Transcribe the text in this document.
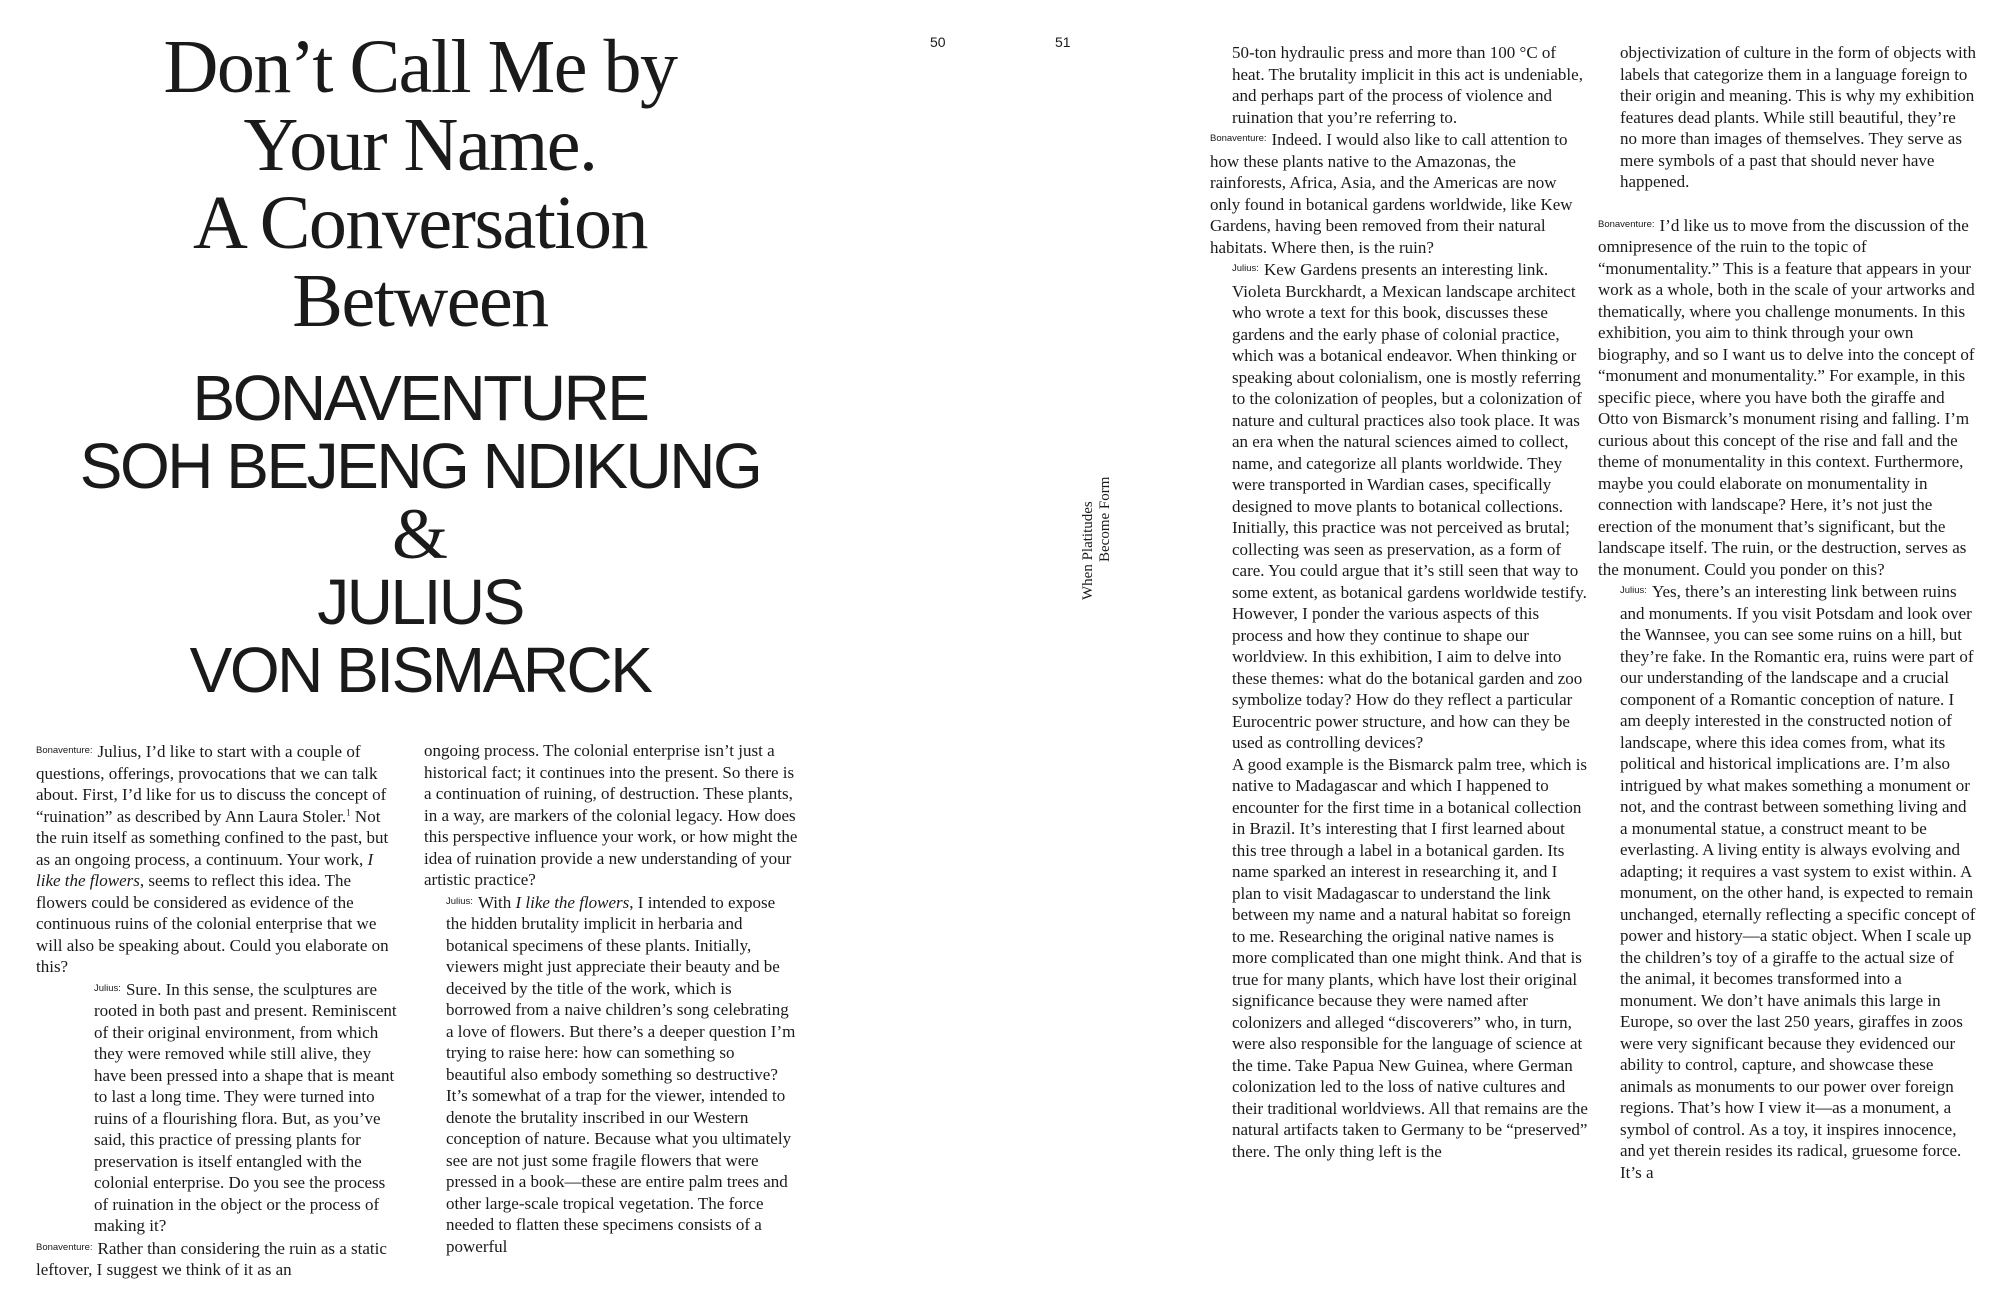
Don’t Call Me by
Your Name.
A Conversation
Between
BONAVENTURE
SOH BEJENG NDIKUNG
&
JULIUS
VON BISMARCK
50

$^{Bonaventure:}$ Julius, I’d like to start with a couple of questions, offerings, provocations that we can talk about. First, I’d like for us to discuss the concept of “ruination” as described by Ann Laura Stoler.$^1$ Not the ruin itself as something confined to the past, but as an ongoing process, a continuum. Your work, I like the flowers, seems to reflect this idea. The flowers could be considered as evidence of the continuous ruins of the colonial enterprise that we will also be speaking about. Could you elaborate on this?

$^{Julius:}$ Sure. In this sense, the sculptures are rooted in both past and present. Reminiscent of their original environment, from which they were removed while still alive, they have been pressed into a shape that is meant to last a long time. They were turned into ruins of a flourishing flora. But, as you’ve said, this practice of pressing plants for preservation is itself entangled with the colonial enterprise. Do you see the process of ruination in the object or the process of making it?

$^{Bonaventure:}$ Rather than considering the ruin as a static leftover, I suggest we think of it as an

ongoing process. The colonial enterprise isn’t just a historical fact; it continues into the present. So there is a continuation of ruining, of destruction. These plants, in a way, are markers of the colonial legacy. How does this perspective influence your work, or how might the idea of ruination provide a new understanding of your artistic practice?

$^{Julius:}$ With I like the flowers, I intended to expose the hidden brutality implicit in herbaria and botanical specimens of these plants. Initially, viewers might just appreciate their beauty and be deceived by the title of the work, which is borrowed from a naive children’s song celebrating a love of flowers. But there’s a deeper question I’m trying to raise here: how can something so beautiful also embody something so destructive? It’s somewhat of a trap for the viewer, intended to denote the brutality inscribed in our Western conception of nature. Because what you ultimately see are not just some fragile flowers that were pressed in a book—these are entire palm trees and other large-scale tropical vegetation. The force needed to flatten these specimens consists of a powerful

51
When Platitudes Become Form

50-ton hydraulic press and more than 100 °C of heat. The brutality implicit in this act is undeniable, and perhaps part of the process of violence and ruination that you’re referring to.

$^{Bonaventure:}$ Indeed. I would also like to call attention to how these plants native to the Amazonas, the rainforests, Africa, Asia, and the Americas are now only found in botanical gardens worldwide, like Kew Gardens, having been removed from their natural habitats. Where then, is the ruin?

$^{Julius:}$ Kew Gardens presents an interesting link. Violeta Burckhardt, a Mexican landscape architect who wrote a text for this book, discusses these gardens and the early phase of colonial practice, which was a botanical endeavor. When thinking or speaking about colonialism, one is mostly referring to the colonization of peoples, but a colonization of nature and cultural practices also took place. It was an era when the natural sciences aimed to collect, name, and categorize all plants worldwide. They were transported in Wardian cases, specifically designed to move plants to botanical collections. Initially, this practice was not perceived as brutal; collecting was seen as preservation, as a form of care. You could argue that it’s still seen that way to some extent, as botanical gardens worldwide testify. However, I ponder the various aspects of this process and how they continue to shape our worldview. In this exhibition, I aim to delve into these themes: what do the botanical garden and zoo symbolize today? How do they reflect a particular Eurocentric power structure, and how can they be used as controlling devices?

A good example is the Bismarck palm tree, which is native to Madagascar and which I happened to encounter for the first time in a botanical collection in Brazil. It’s interesting that I first learned about this tree through a label in a botanical garden. Its name sparked an interest in researching it, and I plan to visit Madagascar to understand the link between my name and a natural habitat so foreign to me. Researching the original native names is more complicated than one might think. And that is true for many plants, which have lost their original significance because they were named after colonizers and alleged “discoverers” who, in turn, were also responsible for the language of science at the time. Take Papua New Guinea, where German colonization led to the loss of native cultures and their traditional worldviews. All that remains are the natural artifacts taken to Germany to be “preserved” there. The only thing left is the

objectivization of culture in the form of objects with labels that categorize them in a language foreign to their origin and meaning. This is why my exhibition features dead plants. While still beautiful, they’re no more than images of themselves. They serve as mere symbols of a past that should never have happened.

$^{Bonaventure:}$ I’d like us to move from the discussion of the omnipresence of the ruin to the topic of “monumentality.” This is a feature that appears in your work as a whole, both in the scale of your artworks and thematically, where you challenge monuments. In this exhibition, you aim to think through your own biography, and so I want us to delve into the concept of “monument and monumentality.” For example, in this specific piece, where you have both the giraffe and Otto von Bismarck’s monument rising and falling. I’m curious about this concept of the rise and fall and the theme of monumentality in this context. Furthermore, maybe you could elaborate on monumentality in connection with landscape? Here, it’s not just the erection of the monument that’s significant, but the landscape itself. The ruin, or the destruction, serves as the monument. Could you ponder on this?

$^{Julius:}$ Yes, there’s an interesting link between ruins and monuments. If you visit Potsdam and look over the Wannsee, you can see some ruins on a hill, but they’re fake. In the Romantic era, ruins were part of our understanding of the landscape and a crucial component of a Romantic conception of nature. I am deeply interested in the constructed notion of landscape, where this idea comes from, what its political and historical implications are. I’m also intrigued by what makes something a monument or not, and the contrast between something living and a monumental statue, a construct meant to be everlasting. A living entity is always evolving and adapting; it requires a vast system to exist within. A monument, on the other hand, is expected to remain unchanged, eternally reflecting a specific concept of power and history—a static object. When I scale up the children’s toy of a giraffe to the actual size of the animal, it becomes transformed into a monument. We don’t have animals this large in Europe, so over the last 250 years, giraffes in zoos were very significant because they evidenced our ability to control, capture, and showcase these animals as monuments to our power over foreign regions. That’s how I view it—as a monument, a symbol of control. As a toy, it inspires innocence, and yet therein resides its radical, gruesome force. It’s a
